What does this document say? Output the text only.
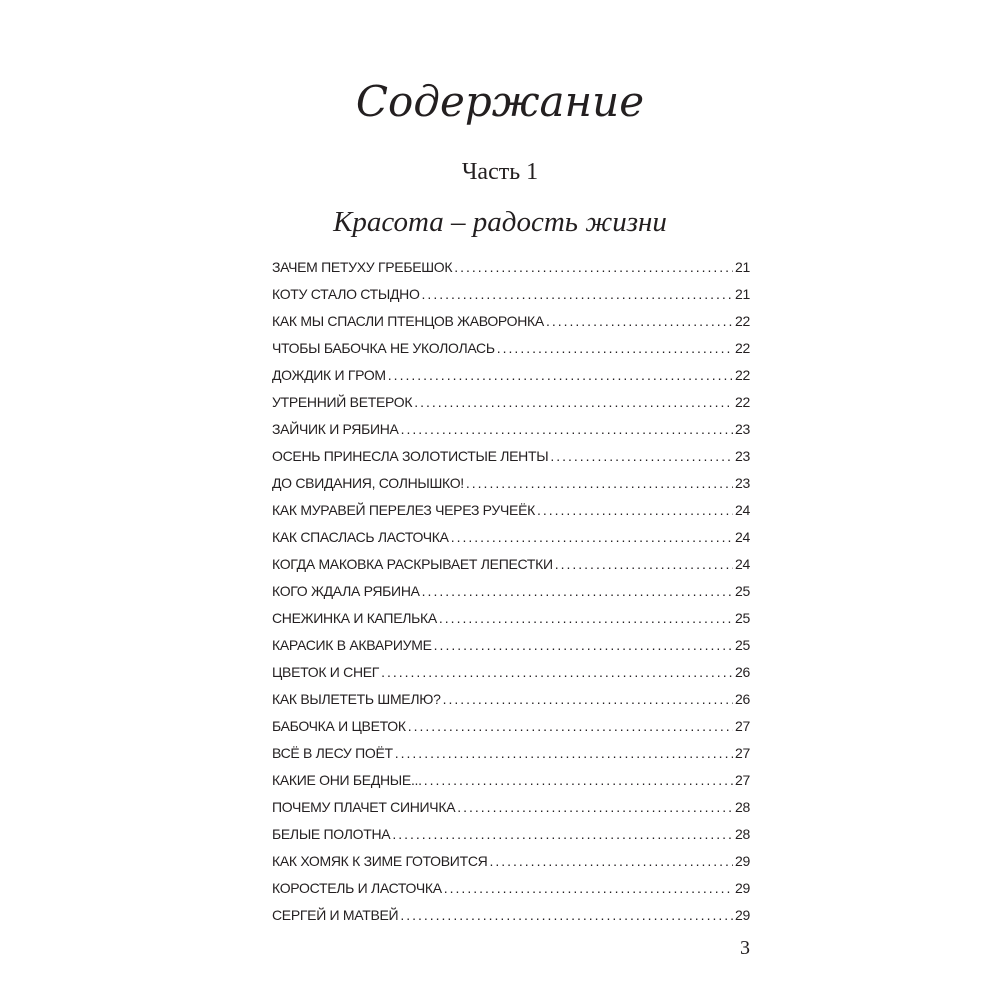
Содержание
Часть 1
Красота – радость жизни
ЗАЧЕМ ПЕТУХУ ГРЕБЕШОК .....	21
КОТУ СТАЛО СТЫДНО .....	21
КАК МЫ СПАСЛИ ПТЕНЦОВ ЖАВОРОНКА .....	22
ЧТОБЫ БАБОЧКА НЕ УКОЛОЛАСЬ .....	22
ДОЖДИК И ГРОМ .....	22
УТРЕННИЙ ВЕТЕРОК .....	22
ЗАЙЧИК И РЯБИНА .....	23
ОСЕНЬ ПРИНЕСЛА ЗОЛОТИСТЫЕ ЛЕНТЫ .....	23
ДО СВИДАНИЯ, СОЛНЫШКО! .....	23
КАК МУРАВЕЙ ПЕРЕЛЕЗ ЧЕРЕЗ РУЧЕЁК .....	24
КАК СПАСЛАСЬ ЛАСТОЧКА .....	24
КОГДА МАКОВКА РАСКРЫВАЕТ ЛЕПЕСТКИ .....	24
КОГО ЖДАЛА РЯБИНА .....	25
СНЕЖИНКА И КАПЕЛЬКА .....	25
КАРАСИК В АКВАРИУМЕ .....	25
ЦВЕТОК И СНЕГ .....	26
КАК ВЫЛЕТЕТЬ ШМЕЛЮ? .....	26
БАБОЧКА И ЦВЕТОК .....	27
ВСЁ В ЛЕСУ ПОЁТ .....	27
КАКИЕ ОНИ БЕДНЫЕ... .....	27
ПОЧЕМУ ПЛАЧЕТ СИНИЧКА .....	28
БЕЛЫЕ ПОЛОТНА .....	28
КАК ХОМЯК К ЗИМЕ ГОТОВИТСЯ .....	29
КОРОСТЕЛЬ И ЛАСТОЧКА .....	29
СЕРГЕЙ И МАТВЕЙ .....	29
3
